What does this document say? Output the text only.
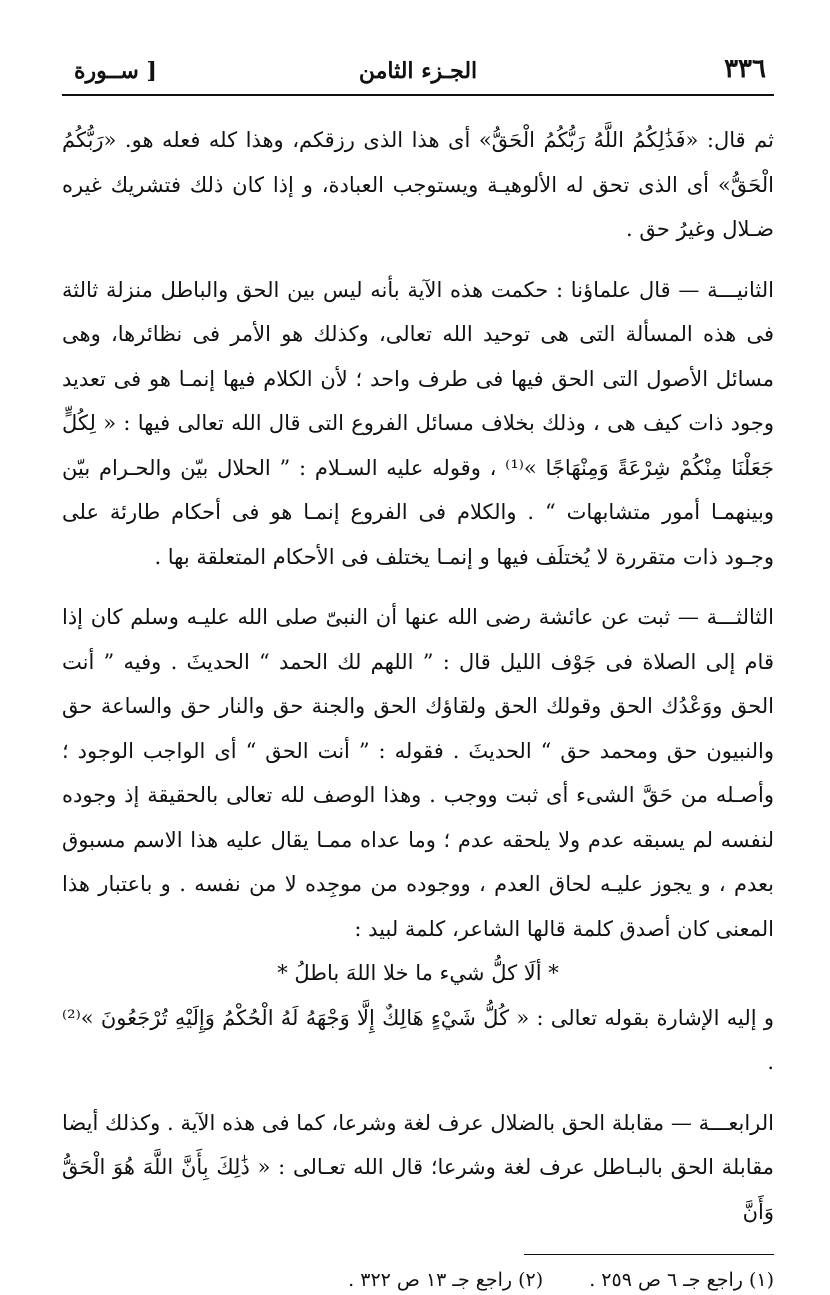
٣٣٦
الجـزء الثامن
[ ســورة

ثم قال: «فَذَٰلِكُمُ اللَّهُ رَبُّكُمُ الْحَقُّ» أى هذا الذى رزقكم، وهذا كله فعله هو. «رَبُّكُمُ الْحَقُّ» أى الذى تحق له الألوهيـة ويستوجب العبادة، و إذا كان ذلك فتشريك غيره ضـلال وغيرُ حق .

الثانيـــة — قال علماؤنا : حكمت هذه الآية بأنه ليس بين الحق والباطل منزلة ثالثة فى هذه المسألة التى هى توحيد الله تعالى، وكذلك هو الأمر فى نظائرها، وهى مسائل الأصول التى الحق فيها فى طرف واحد ؛ لأن الكلام فيها إنمـا هو فى تعديد وجود ذات كيف هى ، وذلك بخلاف مسائل الفروع التى قال الله تعالى فيها : « لِكُلٍّ جَعَلْنَا مِنْكُمْ شِرْعَةً وَمِنْهَاجًا »⁽¹⁾ ، وقوله عليه السـلام : ” الحلال بيّن والحـرام بيّن وبينهمـا أمور متشابهات “ . والكلام فى الفروع إنمـا هو فى أحكام طارئة على وجـود ذات متقررة لا يُختلَف فيها و إنمـا يختلف فى الأحكام المتعلقة بها .

الثالثـــة — ثبت عن عائشة رضى الله عنها أن النبىّ صلى الله عليـه وسلم كان إذا قام إلى الصلاة فى جَوْف الليل قال : ” اللهم لك الحمد “ الحديثَ . وفيه ” أنت الحق ووَعْدُك الحق وقولك الحق ولقاؤك الحق والجنة حق والنار حق والساعة حق والنبيون حق ومحمد حق “ الحديثَ . فقوله : ” أنت الحق “ أى الواجب الوجود ؛ وأصـله من حَقَّ الشىء أى ثبت ووجب . وهذا الوصف لله تعالى بالحقيقة إذ وجوده لنفسه لم يسبقه عدم ولا يلحقه عدم ؛ وما عداه ممـا يقال عليه هذا الاسم مسبوق بعدم ، و يجوز عليـه لحاق العدم ، ووجوده من موجِده لا من نفسه . و باعتبار هذا المعنى كان أصدق كلمة قالها الشاعر، كلمة لبيد :

* ألَا كلُّ شيء ما خلا اللهَ باطلُ *

و إليه الإشارة بقوله تعالى : « كُلُّ شَيْءٍ هَالِكٌ إِلَّا وَجْهَهُ لَهُ الْحُكْمُ وَإِلَيْهِ تُرْجَعُونَ »⁽²⁾ .

الرابعـــة — مقابلة الحق بالضلال عرف لغة وشرعا، كما فى هذه الآية . وكذلك أيضا مقابلة الحق بالبـاطل عرف لغة وشرعا؛ قال الله تعـالى : « ذَٰلِكَ بِأَنَّ اللَّهَ هُوَ الْحَقُّ وَأَنَّ

(١) راجع جـ ٦ ص ٢٥٩ . (٢) راجع جـ ١٣ ص ٣٢٢ .
